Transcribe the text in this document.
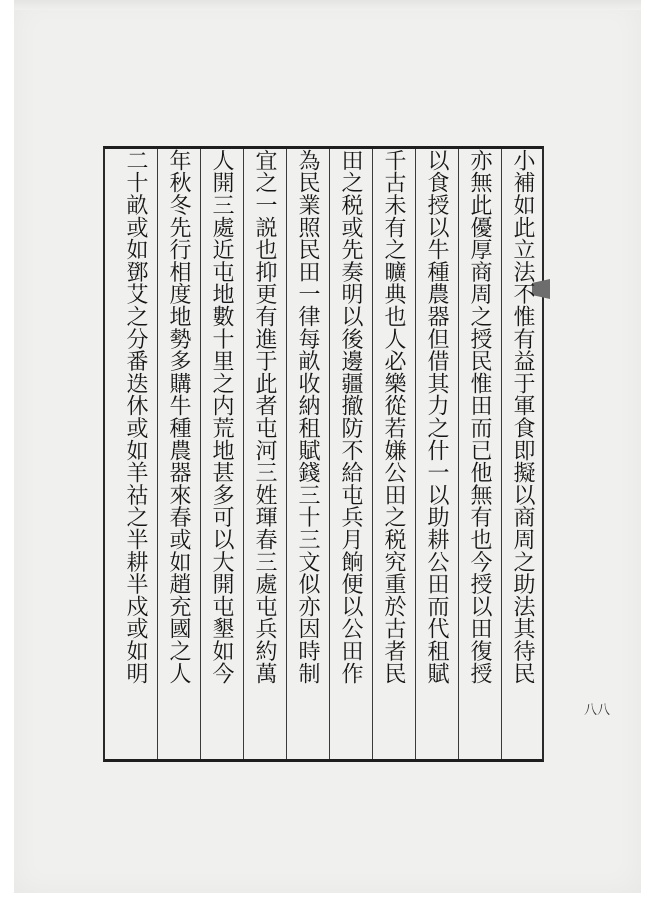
小補如此立法不惟有益于軍食即擬以商周之助法其待民
亦無此優厚商周之授民惟田而已他無有也今授以田復授
以食授以牛種農器但借其力之什一以助耕公田而代租賦
千古未有之曠典也人必樂從若嫌公田之税究重於古者民
田之税或先奏明以後邊疆撤防不給屯兵月餉便以公田作
為民業照民田一律每畝收納租賦錢三十三文似亦因時制
宜之一説也抑更有進于此者屯河三姓琿春三處屯兵約萬
人開三處近屯地數十里之内荒地甚多可以大開屯墾如今
年秋冬先行相度地勢多購牛種農器來春或如趙充國之人
二十畝或如鄧艾之分番迭休或如羊祜之半耕半戍或如明
八八
